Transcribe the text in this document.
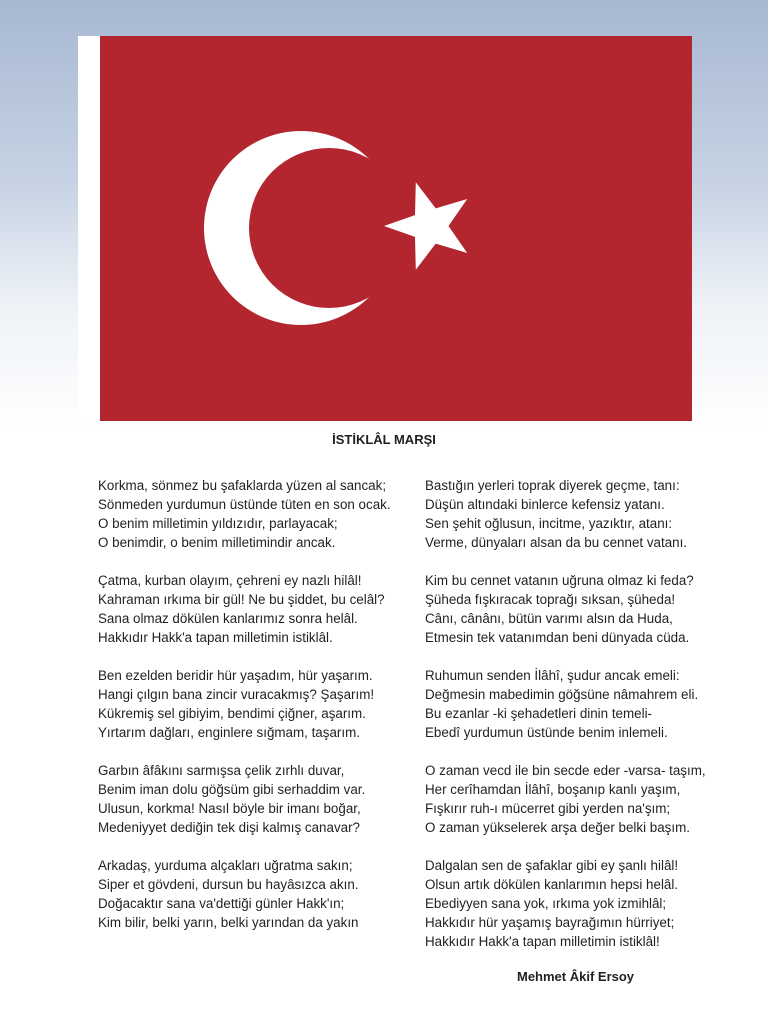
İSTİKLÂL MARŞI
Korkma, sönmez bu şafaklarda yüzen al sancak;
Sönmeden yurdumun üstünde tüten en son ocak.
O benim milletimin yıldızıdır, parlayacak;
O benimdir, o benim milletimindir ancak.
Çatma, kurban olayım, çehreni ey nazlı hilâl!
Kahraman ırkıma bir gül! Ne bu şiddet, bu celâl?
Sana olmaz dökülen kanlarımız sonra helâl.
Hakkıdır Hakk'a tapan milletimin istiklâl.
Ben ezelden beridir hür yaşadım, hür yaşarım.
Hangi çılgın bana zincir vuracakmış? Şaşarım!
Kükremiş sel gibiyim, bendimi çiğner, aşarım.
Yırtarım dağları, enginlere sığmam, taşarım.
Garbın âfâkını sarmışsa çelik zırhlı duvar,
Benim iman dolu göğsüm gibi serhaddim var.
Ulusun, korkma! Nasıl böyle bir imanı boğar,
Medeniyyet dediğin tek dişi kalmış canavar?
Arkadaş, yurduma alçakları uğratma sakın;
Siper et gövdeni, dursun bu hayâsızca akın.
Doğacaktır sana va'dettiği günler Hakk'ın;
Kim bilir, belki yarın, belki yarından da yakın
Bastığın yerleri toprak diyerek geçme, tanı:
Düşün altındaki binlerce kefensiz yatanı.
Sen şehit oğlusun, incitme, yazıktır, atanı:
Verme, dünyaları alsan da bu cennet vatanı.
Kim bu cennet vatanın uğruna olmaz ki feda?
Şüheda fışkıracak toprağı sıksan, şüheda!
Cânı, cânânı, bütün varımı alsın da Huda,
Etmesin tek vatanımdan beni dünyada cüda.
Ruhumun senden İlâhî, şudur ancak emeli:
Değmesin mabedimin göğsüne nâmahrem eli.
Bu ezanlar -ki şehadetleri dinin temeli-
Ebedî yurdumun üstünde benim inlemeli.
O zaman vecd ile bin secde eder -varsa- taşım,
Her cerîhamdan İlâhî, boşanıp kanlı yaşım,
Fışkırır ruh-ı mücerret gibi yerden na'şım;
O zaman yükselerek arşa değer belki başım.
Dalgalan sen de şafaklar gibi ey şanlı hilâl!
Olsun artık dökülen kanlarımın hepsi helâl.
Ebediyyen sana yok, ırkıma yok izmihlâl;
Hakkıdır hür yaşamış bayrağımın hürriyet;
Hakkıdır Hakk'a tapan milletimin istiklâl!
Mehmet Âkif Ersoy
